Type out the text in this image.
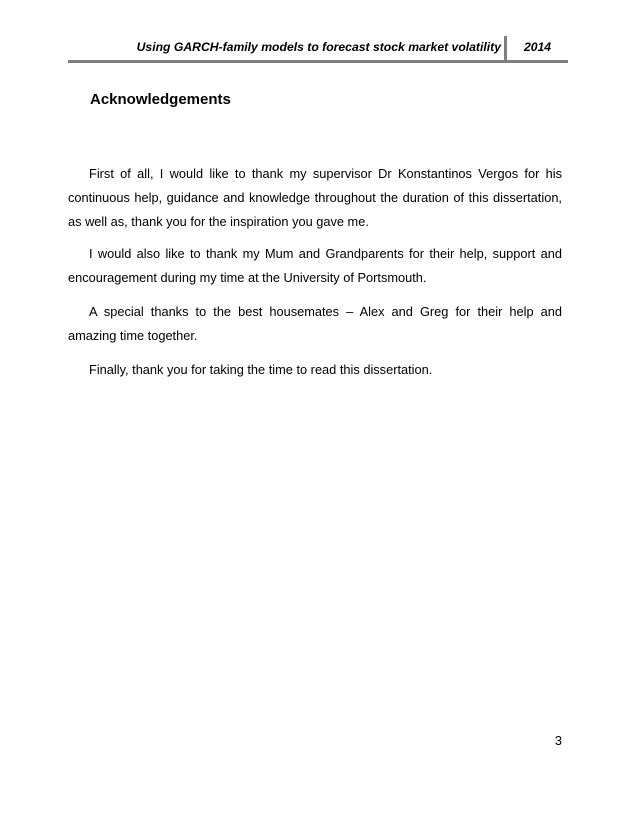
Using GARCH-family models to forecast stock market volatility	2014
Acknowledgements

First of all, I would like to thank my supervisor Dr Konstantinos Vergos for his continuous help, guidance and knowledge throughout the duration of this dissertation, as well as, thank you for the inspiration you gave me.

I would also like to thank my Mum and Grandparents for their help, support and encouragement during my time at the University of Portsmouth.

A special thanks to the best housemates – Alex and Greg for their help and amazing time together.

Finally, thank you for taking the time to read this dissertation.

3
